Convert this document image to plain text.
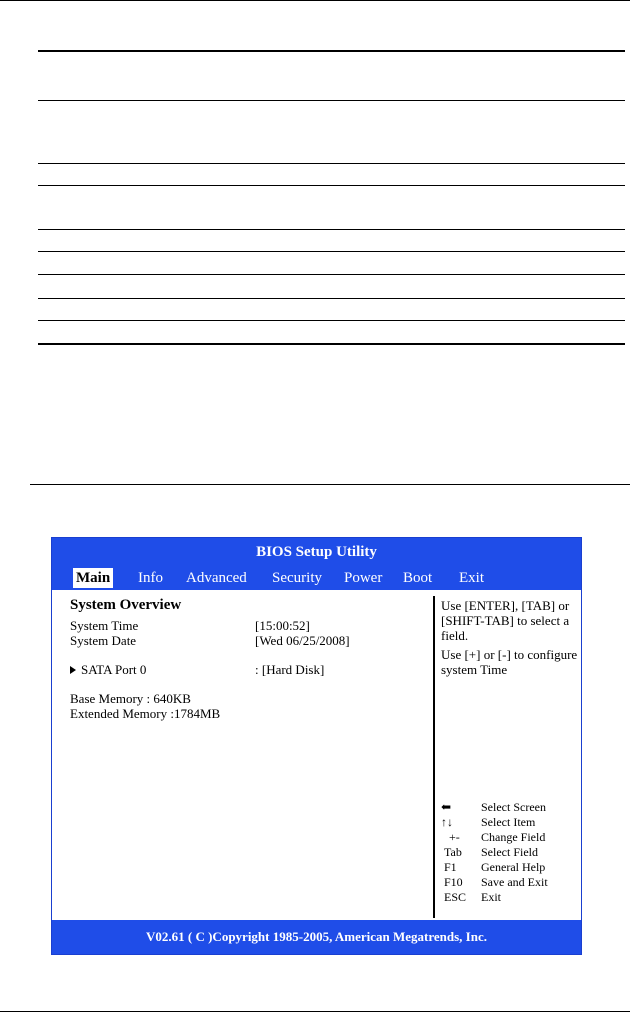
BIOS Setup Utility
Main Info Advanced Security Power Boot Exit
System Overview
System Time	[15:00:52]
System Date	[Wed 06/25/2008]
SATA Port 0	: [Hard Disk]
Base Memory : 640KB
Extended Memory :1784MB
Use [ENTER], [TAB] or [SHIFT-TAB] to select a field.
Use [+] or [-] to configure system Time
⬅ Select Screen
↑↓ Select Item
+- Change Field
Tab Select Field
F1 General Help
F10 Save and Exit
ESC Exit
V02.61 ( C )Copyright 1985-2005, American Megatrends, Inc.
